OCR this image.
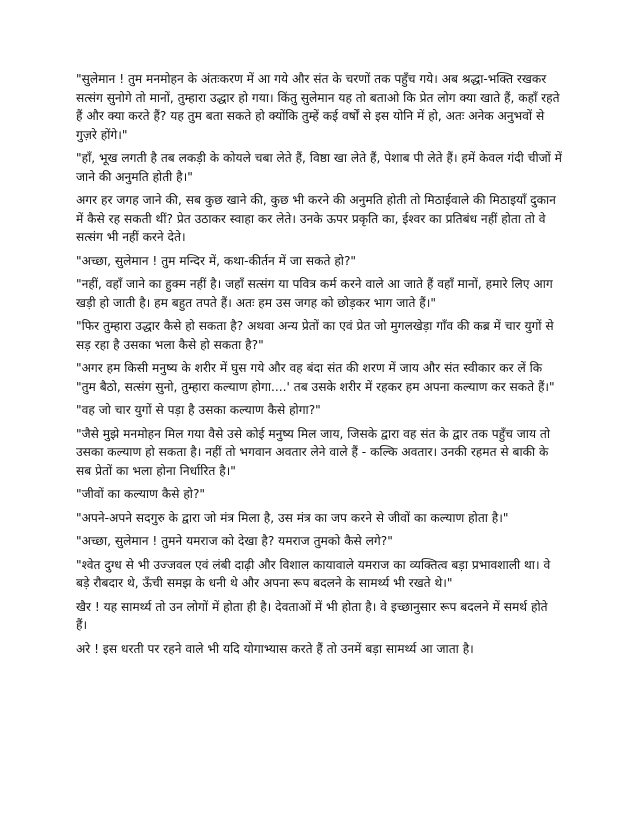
"सुलेमान ! तुम मनमोहन के अंतःकरण में आ गये और संत के चरणों तक पहुँच गये। अब श्रद्धा-भक्ति रखकर सत्संग सुनोगे तो मानों, तुम्हारा उद्धार हो गया। किंतु सुलेमान यह तो बताओ कि प्रेत लोग क्या खाते हैं, कहाँ रहते हैं और क्या करते हैं? यह तुम बता सकते हो क्योंकि तुम्हें कई वर्षों से इस योनि में हो, अतः अनेक अनुभवों से गुज़रे होंगे।"

"हाँ, भूख लगती है तब लकड़ी के कोयले चबा लेते हैं, विष्ठा खा लेते हैं, पेशाब पी लेते हैं। हमें केवल गंदी चीजों में जाने की अनुमति होती है।"

अगर हर जगह जाने की, सब कुछ खाने की, कुछ भी करने की अनुमति होती तो मिठाईवाले की मिठाइयाँ दुकान में कैसे रह सकती थीं? प्रेत उठाकर स्वाहा कर लेते। उनके ऊपर प्रकृति का, ईश्वर का प्रतिबंध नहीं होता तो वे सत्संग भी नहीं करने देते।

"अच्छा, सुलेमान ! तुम मन्दिर में, कथा-कीर्तन में जा सकते हो?"

"नहीं, वहाँ जाने का हुक्म नहीं है। जहाँ सत्संग या पवित्र कर्म करने वाले आ जाते हैं वहाँ मानों, हमारे लिए आग खड़ी हो जाती है। हम बहुत तपते हैं। अतः हम उस जगह को छोड़कर भाग जाते हैं।"

"फिर तुम्हारा उद्धार कैसे हो सकता है? अथवा अन्य प्रेतों का एवं प्रेत जो मुगलखेड़ा गाँव की कब्र में चार युगों से सड़ रहा है उसका भला कैसे हो सकता है?"

"अगर हम किसी मनुष्य के शरीर में घुस गये और वह बंदा संत की शरण में जाय और संत स्वीकार कर लें कि "तुम बैठो, सत्संग सुनो, तुम्हारा कल्याण होगा....' तब उसके शरीर में रहकर हम अपना कल्याण कर सकते हैं।"

"वह जो चार युगों से पड़ा है उसका कल्याण कैसे होगा?"

"जैसे मुझे मनमोहन मिल गया वैसे उसे कोई मनुष्य मिल जाय, जिसके द्वारा वह संत के द्वार तक पहुँच जाय तो उसका कल्याण हो सकता है। नहीं तो भगवान अवतार लेने वाले हैं - कल्कि अवतार। उनकी रहमत से बाकी के सब प्रेतों का भला होना निर्धारित है।"

"जीवों का कल्याण कैसे हो?"

"अपने-अपने सदगुरु के द्वारा जो मंत्र मिला है, उस मंत्र का जप करने से जीवों का कल्याण होता है।"

"अच्छा, सुलेमान ! तुमने यमराज को देखा है? यमराज तुमको कैसे लगे?"

"श्वेत दुग्ध से भी उज्जवल एवं लंबी दाढ़ी और विशाल कायावाले यमराज का व्यक्तित्व बड़ा प्रभावशाली था। वे बड़े रौबदार थे, ऊँची समझ के धनी थे और अपना रूप बदलने के सामर्थ्य भी रखते थे।"

खैर ! यह सामर्थ्य तो उन लोगों में होता ही है। देवताओं में भी होता है। वे इच्छानुसार रूप बदलने में समर्थ होते हैं।

अरे ! इस धरती पर रहने वाले भी यदि योगाभ्यास करते हैं तो उनमें बड़ा सामर्थ्य आ जाता है।
